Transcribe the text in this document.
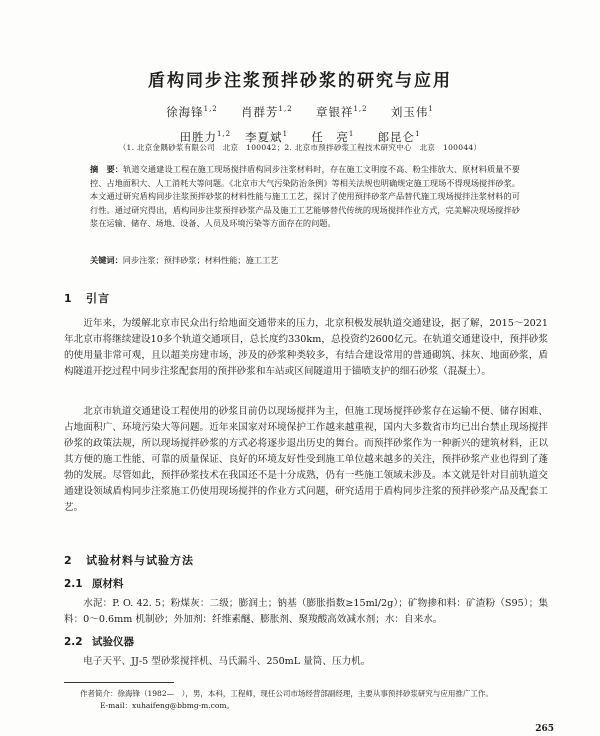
盾构同步注浆预拌砂浆的研究与应用
徐海锋$^{1,2}$ 肖群芳$^{1,2}$ 章银祥$^{1,2}$ 刘玉伟$^1$
田胜力$^{1,2}$ 李夏斌$^1$ 任　亮$^1$ 郎昆仑$^1$
（1. 北京金隅砂浆有限公司　北京　100042；2. 北京市预拌砂浆工程技术研究中心　北京　100044）
摘　要：轨道交通建设工程在施工现场搅拌盾构同步注浆材料时，存在施工文明度不高、粉尘排放大、原材料质量不要控、占地面积大、人工消耗大等问题。《北京市大气污染防治条例》等相关法规也明确规定施工现场不得现场搅拌砂浆。本文通过研究盾构同步注浆预拌砂浆的材料性能与施工工艺，探讨了使用预拌砂浆产品替代施工现场搅拌注浆材料的可行性。通过研究得出，盾构同步注浆预拌砂浆产品及施工工艺能够替代传统的现场搅拌作业方式，完美解决现场搅拌砂浆在运输、储存、场地、设备、人员及环境污染等方面存在的问题。
关键词：同步注浆；预拌砂浆；材料性能；施工工艺
1 引言
近年来，为缓解北京市民众出行给地面交通带来的压力，北京积极发展轨道交通建设，据了解，2015～2021年北京市将继续建设10多个轨道交通项目，总长度约330km，总投资约2600亿元。在轨道交通建设中，预拌砂浆的使用量非常可观，且以超美房建市场，涉及的砂浆种类较多，有结合建设常用的普通砌筑、抹灰、地面砂浆，盾构隧道开挖过程中同步注浆配套用的预拌砂浆和车站或区间隧道用于锚喷支护的细石砂浆（混凝土）。
北京市轨道交通建设工程使用的砂浆目前仍以现场搅拌为主，但施工现场搅拌砂浆存在运输不便、储存困难、占地面积广、环境污染大等问题。近年来国家对环境保护工作越来越重视，国内大多数省市均已出台禁止现场搅拌砂浆的政策法规，所以现场搅拌砂浆的方式必将逐步退出历史的舞台。而预拌砂浆作为一种新兴的建筑材料，正以其方便的施工性能、可靠的质量保证、良好的环境友好性受到施工单位越来越多的关注，预拌砂浆产业也得到了蓬勃的发展。尽管如此，预拌砂浆技术在我国还不是十分成熟，仍有一些施工领域未涉及。本文就是针对目前轨道交通建设领域盾构同步注浆施工仍使用现场搅拌的作业方式问题，研究适用于盾构同步注浆的预拌砂浆产品及配套工艺。
2 试验材料与试验方法
2.1 原材料
水泥：P. O. 42. 5；粉煤灰：二级；膨润土；钠基（膨胀指数≥15ml/2g）；矿物掺和料：矿渣粉（S95）；集料：0～0.6mm 机制砂；外加剂：纤维素醚、膨胀剂、聚羧酸高效减水剂；水：自来水。
2.2 试验仪器
电子天平、JJ-5 型砂浆搅拌机、马氏漏斗、250mL 量筒、压力机。
作者简介：徐海锋（1982—　），男，本科，工程师，现任公司市场经营部副经理，主要从事预拌砂浆研究与应用推广工作。
E-mail：xuhaifeng@bbmg-m.com。
265
